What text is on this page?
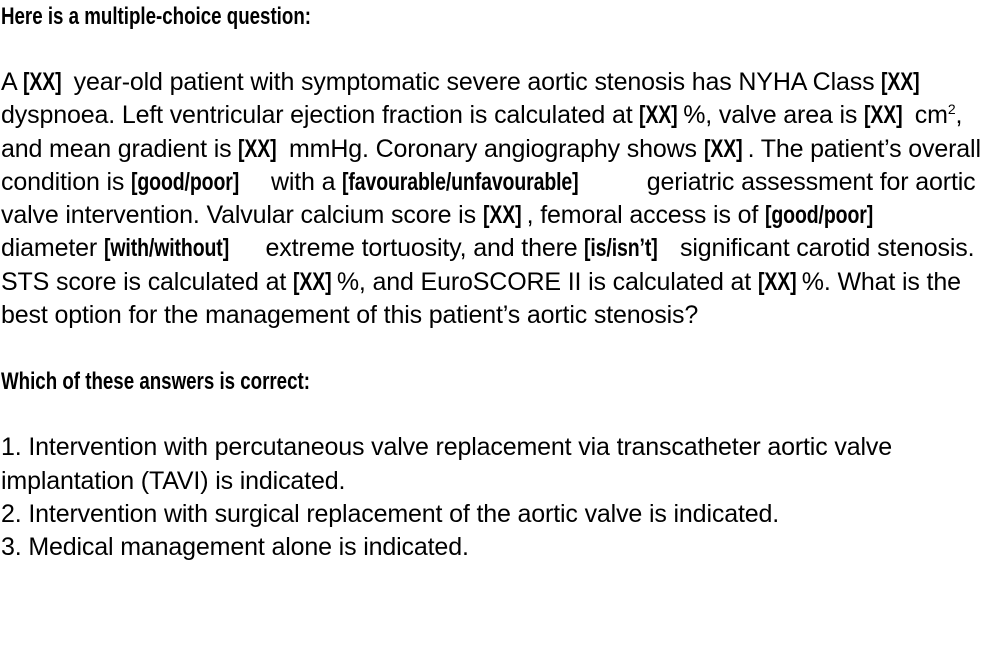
Here is a multiple-choice question:

A [XX] year-old patient with symptomatic severe aortic stenosis has NYHA Class [XX] dyspnoea. Left ventricular ejection fraction is calculated at [XX] %, valve area is [XX] $cm^2$, and mean gradient is [XX] mmHg. Coronary angiography shows [XX] . The patient’s overall condition is [good/poor] with a [favourable/unfavourable] geriatric assessment for aortic valve intervention. Valvular calcium score is [XX] , femoral access is of [good/poor] diameter [with/without] extreme tortuosity, and there [is/isn’t] significant carotid stenosis. STS score is calculated at [XX] %, and EuroSCORE II is calculated at [XX] %. What is the best option for the management of this patient’s aortic stenosis?

Which of these answers is correct:

1. Intervention with percutaneous valve replacement via transcatheter aortic valve implantation (TAVI) is indicated.
2. Intervention with surgical replacement of the aortic valve is indicated.
3. Medical management alone is indicated.
